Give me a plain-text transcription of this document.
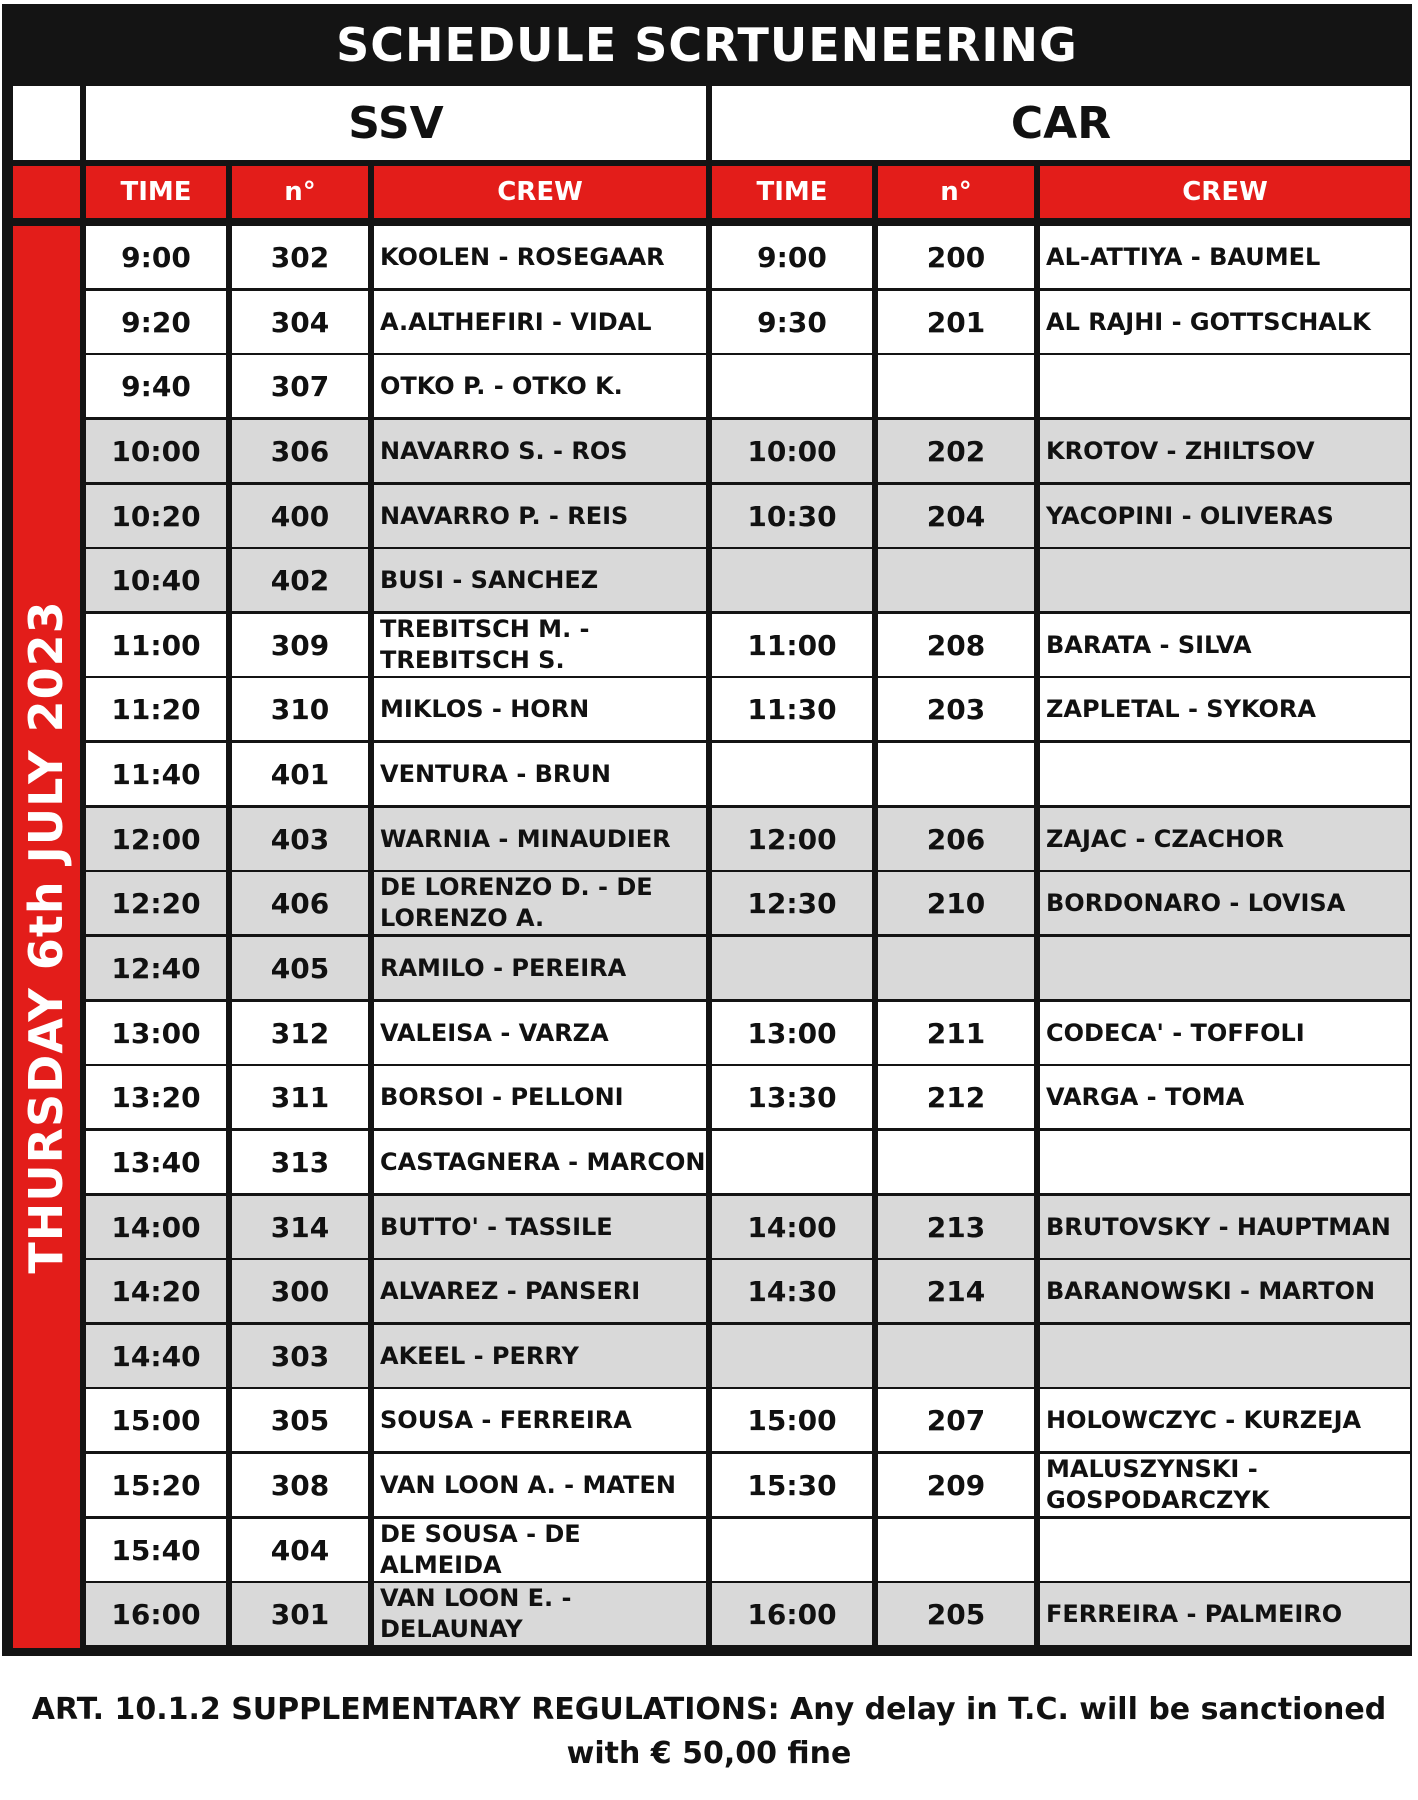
SCHEDULE SCRTUENEERING
SSV	CAR
TIME	n°	CREW	TIME	n°	CREW
THURSDAY 6th JULY 2023
9:00	302	KOOLEN - ROSEGAAR	9:00	200	AL-ATTIYA - BAUMEL
9:20	304	A.ALTHEFIRI - VIDAL	9:30	201	AL RAJHI - GOTTSCHALK
9:40	307	OTKO P. - OTKO K.
10:00	306	NAVARRO S. - ROS	10:00	202	KROTOV - ZHILTSOV
10:20	400	NAVARRO P. - REIS	10:30	204	YACOPINI - OLIVERAS
10:40	402	BUSI - SANCHEZ
11:00	309	TREBITSCH M. - TREBITSCH S.	11:00	208	BARATA - SILVA
11:20	310	MIKLOS - HORN	11:30	203	ZAPLETAL - SYKORA
11:40	401	VENTURA - BRUN
12:00	403	WARNIA - MINAUDIER	12:00	206	ZAJAC - CZACHOR
12:20	406	DE LORENZO D. - DE LORENZO A.	12:30	210	BORDONARO - LOVISA
12:40	405	RAMILO - PEREIRA
13:00	312	VALEISA - VARZA	13:00	211	CODECA' - TOFFOLI
13:20	311	BORSOI - PELLONI	13:30	212	VARGA - TOMA
13:40	313	CASTAGNERA - MARCON
14:00	314	BUTTO' - TASSILE	14:00	213	BRUTOVSKY - HAUPTMAN
14:20	300	ALVAREZ - PANSERI	14:30	214	BARANOWSKI - MARTON
14:40	303	AKEEL - PERRY
15:00	305	SOUSA - FERREIRA	15:00	207	HOLOWCZYC - KURZEJA
15:20	308	VAN LOON A. - MATEN	15:30	209	MALUSZYNSKI - GOSPODARCZYK
15:40	404	DE SOUSA - DE ALMEIDA
16:00	301	VAN LOON E. - DELAUNAY	16:00	205	FERREIRA - PALMEIRO
ART. 10.1.2 SUPPLEMENTARY REGULATIONS: Any delay in T.C. will be sanctioned
with € 50,00 fine
